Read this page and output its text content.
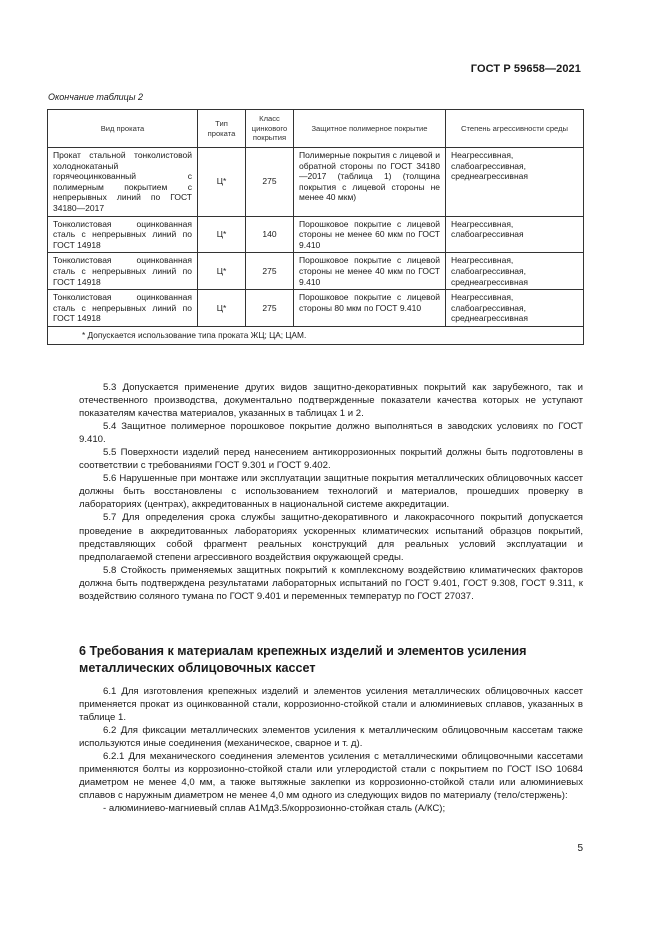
ГОСТ Р 59658—2021
Окончание таблицы 2
Вид проката	Тип проката	Класс цинкового покрытия	Защитное полимерное покрытие	Степень агрессивности среды
Прокат стальной тонколистовой холоднокатаный горячеоцинкованный с полимерным покрытием с непрерывных линий по ГОСТ 34180—2017	Ц*	275	Полимерные покрытия с лицевой и обратной стороны по ГОСТ 34180—2017 (таблица 1) (толщина покрытия с лицевой стороны не менее 40 мкм)	Неагрессивная, слабоагрессивная, среднеагрессивная
Тонколистовая оцинкованная сталь с непрерывных линий по ГОСТ 14918	Ц*	140	Порошковое покрытие с лицевой стороны не менее 60 мкм по ГОСТ 9.410	Неагрессивная, слабоагрессивная
Тонколистовая оцинкованная сталь с непрерывных линий по ГОСТ 14918	Ц*	275	Порошковое покрытие с лицевой стороны не менее 40 мкм по ГОСТ 9.410	Неагрессивная, слабоагрессивная, среднеагрессивная
Тонколистовая оцинкованная сталь с непрерывных линий по ГОСТ 14918	Ц*	275	Порошковое покрытие с лицевой стороны 80 мкм по ГОСТ 9.410	Неагрессивная, слабоагрессивная, среднеагрессивная
* Допускается использование типа проката ЖЦ; ЦА; ЦАМ.				

5.3 Допускается применение других видов защитно-декоративных покрытий как зарубежного, так и отечественного производства, документально подтвержденные показатели качества которых не уступают показателям качества материалов, указанных в таблицах 1 и 2.

5.4 Защитное полимерное порошковое покрытие должно выполняться в заводских условиях по ГОСТ 9.410.

5.5 Поверхности изделий перед нанесением антикоррозионных покрытий должны быть подготовлены в соответствии с требованиями ГОСТ 9.301 и ГОСТ 9.402.

5.6 Нарушенные при монтаже или эксплуатации защитные покрытия металлических облицовочных кассет должны быть восстановлены с использованием технологий и материалов, прошедших проверку в лабораториях (центрах), аккредитованных в национальной системе аккредитации.

5.7 Для определения срока службы защитно-декоративного и лакокрасочного покрытий допускается проведение в аккредитованных лабораториях ускоренных климатических испытаний образцов покрытий, представляющих собой фрагмент реальных конструкций для реальных условий эксплуатации и предполагаемой степени агрессивного воздействия окружающей среды.

5.8 Стойкость применяемых защитных покрытий к комплексному воздействию климатических факторов должна быть подтверждена результатами лабораторных испытаний по ГОСТ 9.401, ГОСТ 9.308, ГОСТ 9.311, к воздействию соляного тумана по ГОСТ 9.401 и переменных температур по ГОСТ 27037.

6 Требования к материалам крепежных изделий и элементов усиления металлических облицовочных кассет

6.1 Для изготовления крепежных изделий и элементов усиления металлических облицовочных кассет применяется прокат из оцинкованной стали, коррозионно-стойкой стали и алюминиевых сплавов, указанных в таблице 1.

6.2 Для фиксации металлических элементов усиления к металлическим облицовочным кассетам также используются иные соединения (механическое, сварное и т. д).

6.2.1 Для механического соединения элементов усиления с металлическими облицовочными кассетами применяются болты из коррозионно-стойкой стали или углеродистой стали с покрытием по ГОСТ ISO 10684 диаметром не менее 4,0 мм, а также вытяжные заклепки из коррозионно-стойкой стали или алюминиевых сплавов с наружным диаметром не менее 4,0 мм одного из следующих видов по материалу (тело/стержень):

- алюминиево-магниевый сплав А1Мд3.5/коррозионно-стойкая сталь (А/КС);

5
